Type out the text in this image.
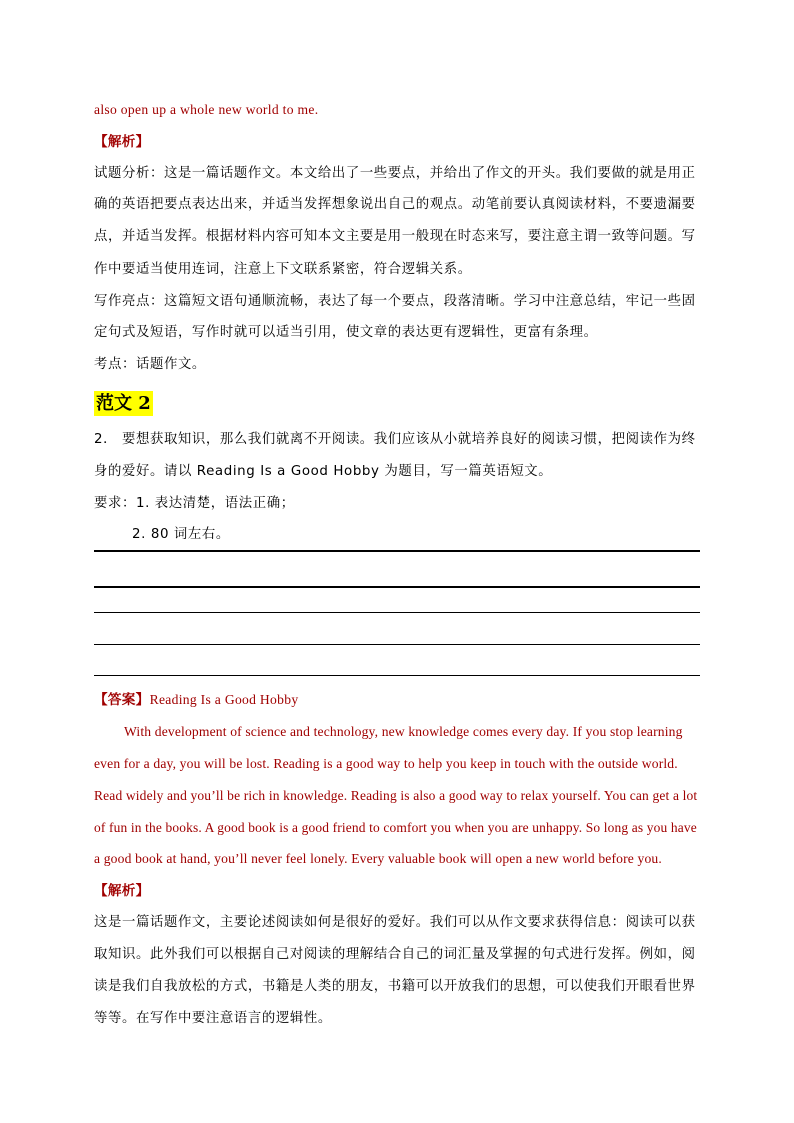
also open up a whole new world to me.
【解析】
试题分析：这是一篇话题作文。本文给出了一些要点，并给出了作文的开头。我们要做的就是用正
确的英语把要点表达出来，并适当发挥想象说出自己的观点。动笔前要认真阅读材料，不要遗漏要
点，并适当发挥。根据材料内容可知本文主要是用一般现在时态来写，要注意主谓一致等问题。写
作中要适当使用连词，注意上下文联系紧密，符合逻辑关系。
写作亮点：这篇短文语句通顺流畅，表达了每一个要点，段落清晰。学习中注意总结，牢记一些固
定句式及短语，写作时就可以适当引用，使文章的表达更有逻辑性，更富有条理。
考点：话题作文。
范文 2
2． 要想获取知识，那么我们就离不开阅读。我们应该从小就培养良好的阅读习惯，把阅读作为终
身的爱好。请以 Reading Is a Good Hobby 为题目，写一篇英语短文。
要求：1. 表达清楚，语法正确；
2. 80 词左右。
【答案】Reading Is a Good Hobby
With development of science and technology, new knowledge comes every day. If you stop learning
even for a day, you will be lost. Reading is a good way to help you keep in touch with the outside world.
Read widely and you’ll be rich in knowledge. Reading is also a good way to relax yourself. You can get a lot
of fun in the books. A good book is a good friend to comfort you when you are unhappy. So long as you have
a good book at hand, you’ll never feel lonely. Every valuable book will open a new world before you.
【解析】
这是一篇话题作文，主要论述阅读如何是很好的爱好。我们可以从作文要求获得信息：阅读可以获
取知识。此外我们可以根据自己对阅读的理解结合自己的词汇量及掌握的句式进行发挥。例如，阅
读是我们自我放松的方式，书籍是人类的朋友，书籍可以开放我们的思想，可以使我们开眼看世界
等等。在写作中要注意语言的逻辑性。
